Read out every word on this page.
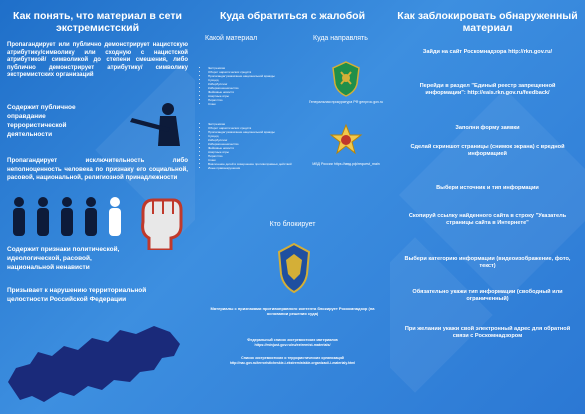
Как понять, что материал в сети экстремистский
Пропагандирует или публично демонстрирует нацистскую атрибутику/символику или сходную с нацистской атрибутикой/ символикой до степени смешения, либо публично демонстрирует атрибутику/ символику экстремистских организаций
Содержит публичное оправдание террористической деятельности
Пропагандирует исключительность либо неполноценность человека по признаку его социальной, расовой, национальной, религиозной принадлежности
Содержит признаки политической, идеологической, расовой, национальной ненависти
Призывает к нарушению территориальной целостности Российской Федерации
Куда обратиться с жалобой
Какой материал	Куда направлять
• Экстремизм
• Оборот наркотических средств
• Пропаганда/ разжигание национальной вражды
• Суицид
• Кибербуллинг
• Кибермошенничество
• Фейковые новости
• Азартные игры
• Пиратство
• Спам	Генеральная прокуратура РФ genproc.gov.ru
• Экстремизм
• Оборот наркотических средств
• Пропаганда/ разжигание национальной вражды
• Суицид
• Кибербуллинг
• Кибермошенничество
• Фейковые новости
• Азартные игры
• Пиратство
• Спам
• Вовлечение детей в совершение противоправных действий
• Иные правонарушения
МВД России https://мвд.рф/request_main
Кто блокирует
Материалы с признаками противоправного контента блокирует Роскомнадзор (на основании решения суда)
Федеральный список экстремистских материалов
https://minjust.gov.ru/ru/extremist-materials/
Список экстремистских и террористических организаций
http://nac.gov.ru/terroristicheskie-i-ekstremistskie-organizacii-i-materialy.html
Как заблокировать обнаруженный материал
Зайди на сайт Роскомнадзора http://rkn.gov.ru/
Перейди в раздел "Единый реестр запрещенной информации": http://eais.rkn.gov.ru/feedback/
Заполни форму заявки
Сделай скриншот страницы (снимок экрана) с вредной информацией
Выбери источник и тип информации
Скопируй ссылку найденного сайта в строку "Указатель страницы сайта в Интернете"
Выбери категорию информации (видеоизображение, фото, текст)
Обязательно укажи тип информации (свободный или ограниченный)
При желании укажи свой электронный адрес для обратной связи с Роскомнадзором
